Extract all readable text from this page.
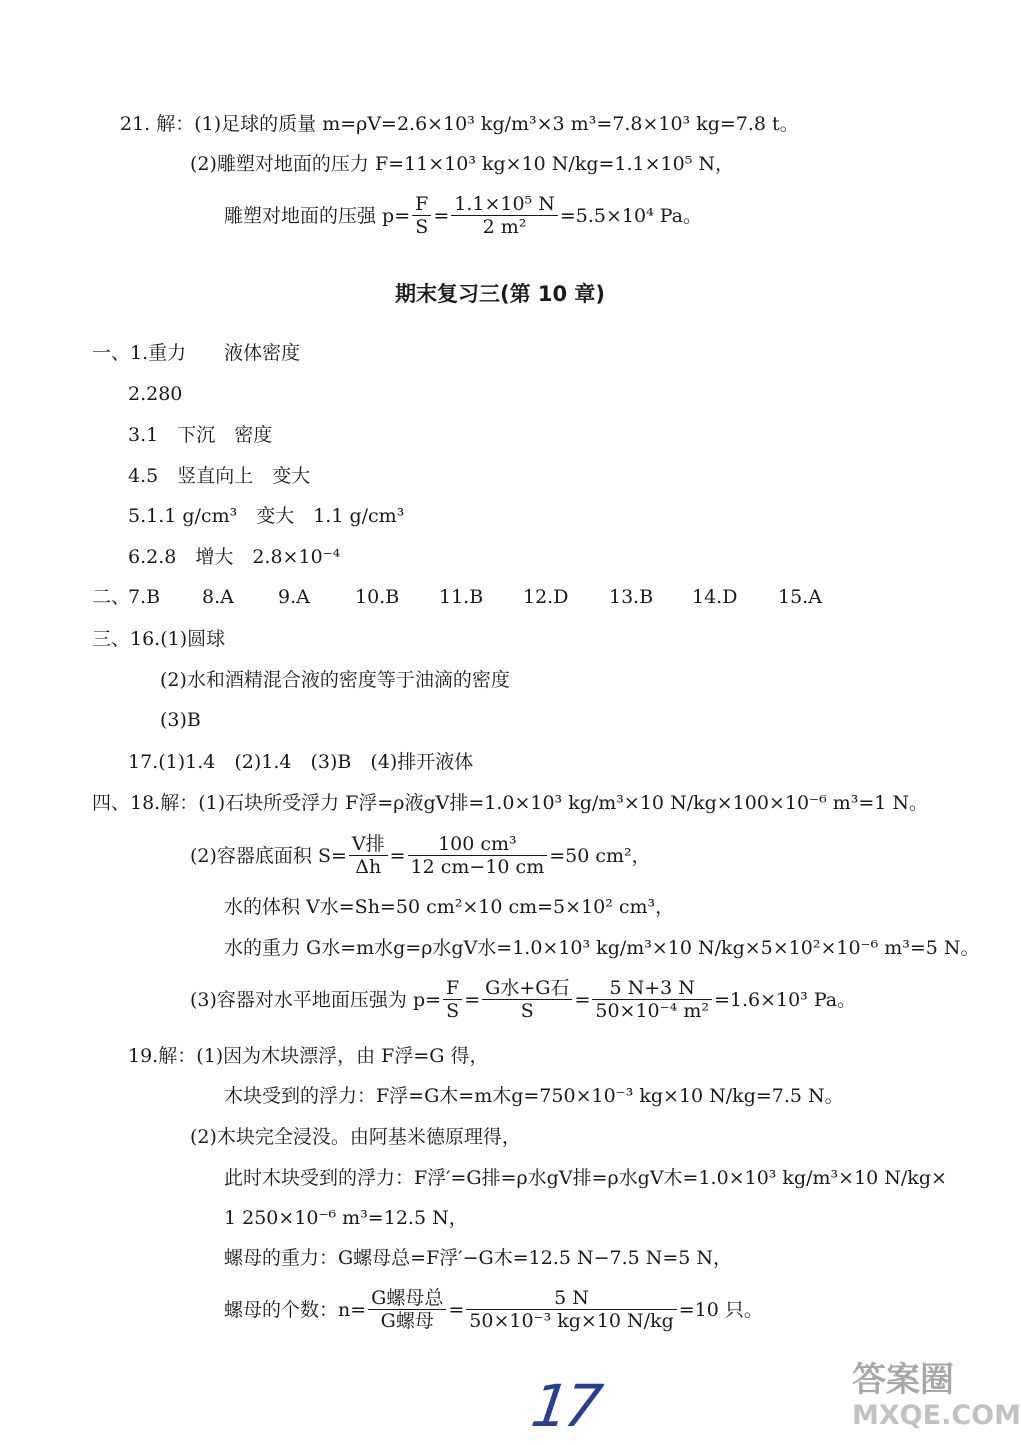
21. 解：(1)足球的质量 m=ρV=2.6×10³ kg/m³×3 m³=7.8×10³ kg=7.8 t。
(2)雕塑对地面的压力 F=11×10³ kg×10 N/kg=1.1×10⁵ N，
雕塑对地面的压强 $p= \frac{F}{S} = \frac{\text{1.1×10⁵ N}}{\text{2 m²}} =5.5\times 10^4$ Pa。
期末复习三(第 10 章)
一、1.重力　　液体密度
2.280
3.1　下沉　密度
4.5　竖直向上　变大
5.1.1 g/cm³　变大　1.1 g/cm³
6.2.8　增大　2.8×10⁻⁴
二、
7.B 8.A 9.A 10.B 11.B 12.D 13.B 14.D 15.A
三、16.(1)圆球
(2)水和酒精混合液的密度等于油滴的密度
(3)B
17.(1)1.4　(2)1.4　(3)B　(4)排开液体
四、18.解：(1)石块所受浮力 F浮=ρ液gV排=1.0×10³ kg/m³×10 N/kg×100×10⁻⁶ m³=1 N。
(2)容器底面积 $S= \frac{\text{V排}}{\Delta h} = \frac{\text{100 cm³}}{12 cm-10 cm} =50$ cm²，
水的体积 V水=Sh=50 cm²×10 cm=5×10² cm³，
水的重力 G水=m水g=ρ水gV水=1.0×10³ kg/m³×10 N/kg×5×10²×10⁻⁶ m³=5 N。
(3)容器对水平地面压强为 $p= \frac{F}{S} = \frac{\text{G水+G石}}{S} = \frac{5 N+3 N}{\text{50×10⁻⁴ m²}} =1.6\times 10^3$ Pa。
19.解：(1)因为木块漂浮，由 F浮=G 得，
木块受到的浮力：F浮=G木=m木g=750×10⁻³ kg×10 N/kg=7.5 N。
(2)木块完全浸没。由阿基米德原理得，
此时木块受到的浮力：F浮′=G排=ρ水gV排=ρ水gV木=1.0×10³ kg/m³×10 N/kg×
1 250×10⁻⁶ m³=12.5 N，
螺母的重力：G螺母总=F浮′−G木=12.5 N−7.5 N=5 N，
螺母的个数：$n= \frac{\text{G螺母总}}{\text{G螺母}} = \frac{5 N}{\text{50×10⁻³ kg×10 N/kg}} =10$ 只。
17	答案圈
MXQE.COM
